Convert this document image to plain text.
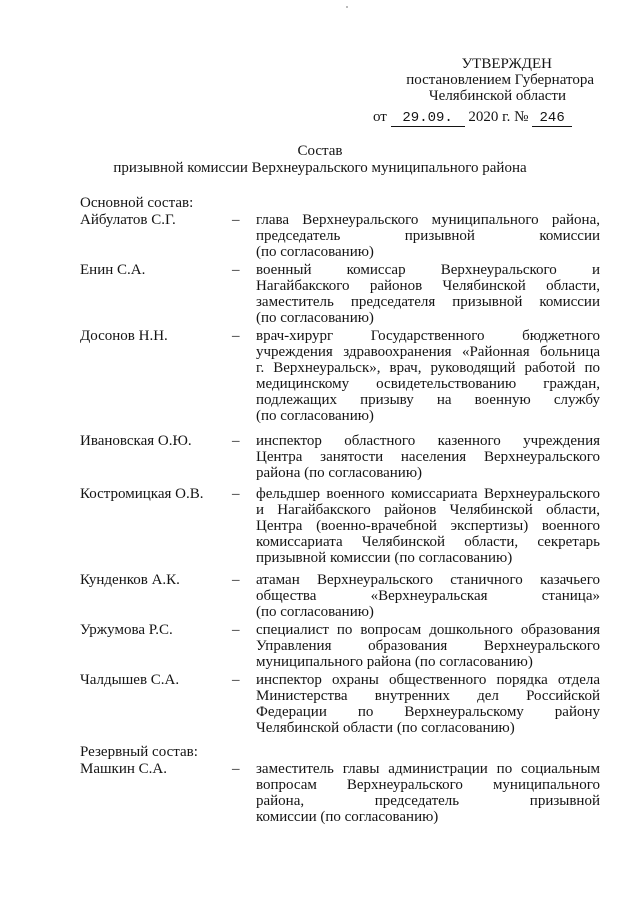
УТВЕРЖДЕН
постановлением Губернатора
Челябинской области
от 29.09. 2020 г. № 246
Состав
призывной комиссии Верхнеуральского муниципального района
Основной состав:
Айбулатов С.Г.	– глава Верхнеуральского муниципального района,
председатель призывной комиссии
(по согласованию)
Енин С.А.	– военный комиссар Верхнеуральского и
Нагайбакского районов Челябинской области,
заместитель председателя призывной комиссии
(по согласованию)
Досонов Н.Н.	– врач-хирург Государственного бюджетного
учреждения здравоохранения «Районная больница
г. Верхнеуральск», врач, руководящий работой по
медицинскому освидетельствованию граждан,
подлежащих призыву на военную службу
(по согласованию)
Ивановская О.Ю.	– инспектор областного казенного учреждения
Центра занятости населения Верхнеуральского
района (по согласованию)
Костромицкая О.В. – фельдшер военного комиссариата Верхнеуральского
и Нагайбакского районов Челябинской области,
Центра (военно-врачебной экспертизы) военного
комиссариата Челябинской области, секретарь
призывной комиссии (по согласованию)
Кунденков А.К.	– атаман Верхнеуральского станичного казачьего
общества «Верхнеуральская станица»
(по согласованию)
Уржумова Р.С.	– специалист по вопросам дошкольного образования
Управления образования Верхнеуральского
муниципального района (по согласованию)
Чалдышев С.А.	– инспектор охраны общественного порядка отдела
Министерства внутренних дел Российской
Федерации по Верхнеуральскому району
Челябинской области (по согласованию)
Резервный состав:
Машкин С.А.	– заместитель главы администрации по социальным
вопросам Верхнеуральского муниципального
района, председатель призывной
комиссии (по согласованию)
